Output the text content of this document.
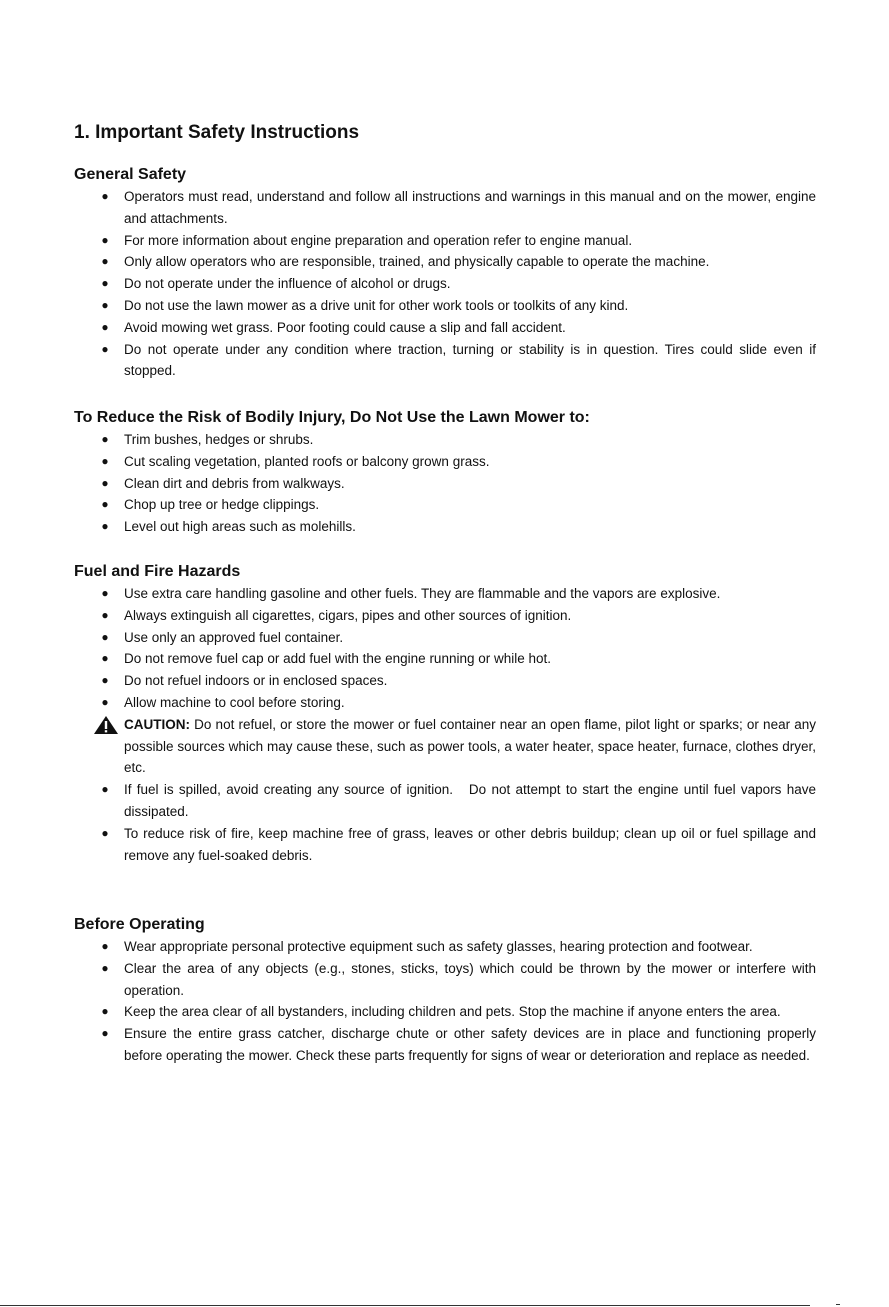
1. Important Safety Instructions
General Safety
● Operators must read, understand and follow all instructions and warnings in this manual and on the mower, engine and attachments.
● For more information about engine preparation and operation refer to engine manual.
● Only allow operators who are responsible, trained, and physically capable to operate the machine.
● Do not operate under the influence of alcohol or drugs.
● Do not use the lawn mower as a drive unit for other work tools or toolkits of any kind.
● Avoid mowing wet grass. Poor footing could cause a slip and fall accident.
● Do not operate under any condition where traction, turning or stability is in question. Tires could slide even if stopped.
To Reduce the Risk of Bodily Injury, Do Not Use the Lawn Mower to:
● Trim bushes, hedges or shrubs.
● Cut scaling vegetation, planted roofs or balcony grown grass.
● Clean dirt and debris from walkways.
● Chop up tree or hedge clippings.
● Level out high areas such as molehills.
Fuel and Fire Hazards
● Use extra care handling gasoline and other fuels. They are flammable and the vapors are explosive.
● Always extinguish all cigarettes, cigars, pipes and other sources of ignition.
● Use only an approved fuel container.
● Do not remove fuel cap or add fuel with the engine running or while hot.
● Do not refuel indoors or in enclosed spaces.
● Allow machine to cool before storing.
CAUTION: Do not refuel, or store the mower or fuel container near an open flame, pilot light or sparks; or near any possible sources which may cause these, such as power tools, a water heater, space heater, furnace, clothes dryer, etc.
● If fuel is spilled, avoid creating any source of ignition.   Do not attempt to start the engine until fuel vapors have dissipated.
● To reduce risk of fire, keep machine free of grass, leaves or other debris buildup; clean up oil or fuel spillage and remove any fuel-soaked debris.
Before Operating
● Wear appropriate personal protective equipment such as safety glasses, hearing protection and footwear.
● Clear the area of any objects (e.g., stones, sticks, toys) which could be thrown by the mower or interfere with operation.
● Keep the area clear of all bystanders, including children and pets. Stop the machine if anyone enters the area.
● Ensure the entire grass catcher, discharge chute or other safety devices are in place and functioning properly before operating the mower. Check these parts frequently for signs of wear or deterioration and replace as needed.
